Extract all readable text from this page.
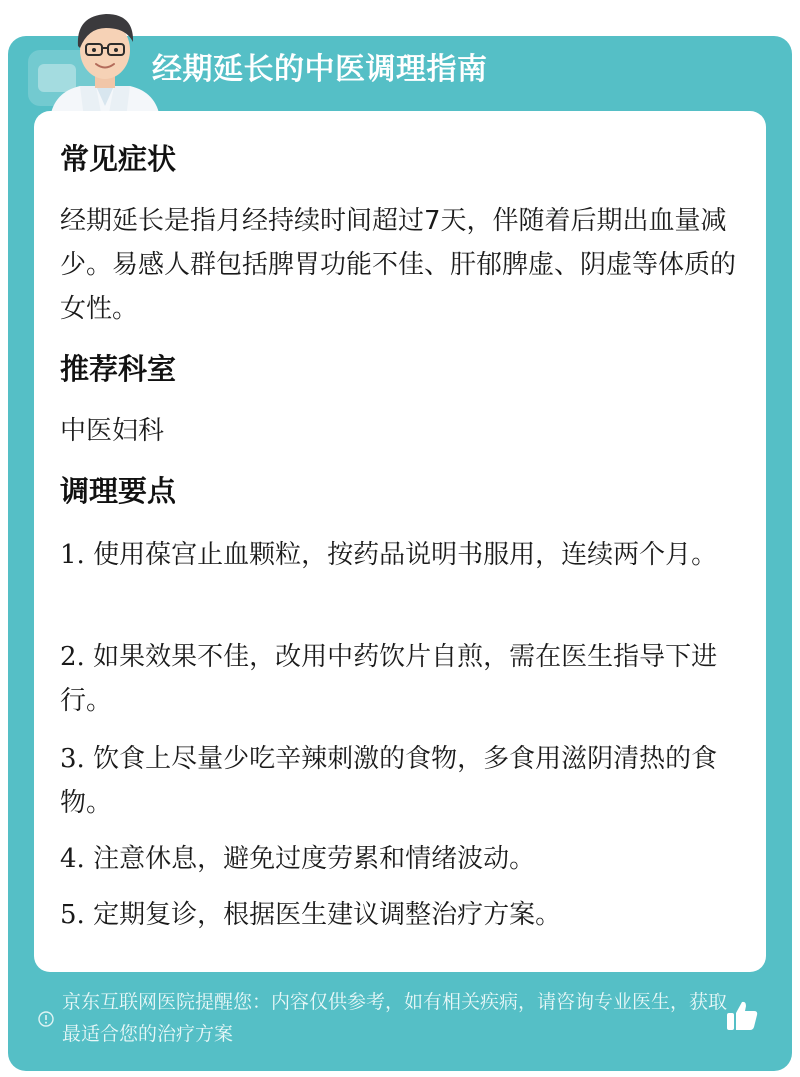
经期延长的中医调理指南
常见症状
经期延长是指月经持续时间超过7天，伴随着后期出血量减少。易感人群包括脾胃功能不佳、肝郁脾虚、阴虚等体质的女性。
推荐科室
中医妇科
调理要点
1. 使用葆宫止血颗粒，按药品说明书服用，连续两个月。
2. 如果效果不佳，改用中药饮片自煎，需在医生指导下进行。
3. 饮食上尽量少吃辛辣刺激的食物，多食用滋阴清热的食物。
4. 注意休息，避免过度劳累和情绪波动。
5. 定期复诊，根据医生建议调整治疗方案。
京东互联网医院提醒您：内容仅供参考，如有相关疾病，请咨询专业医生，获取最适合您的治疗方案
